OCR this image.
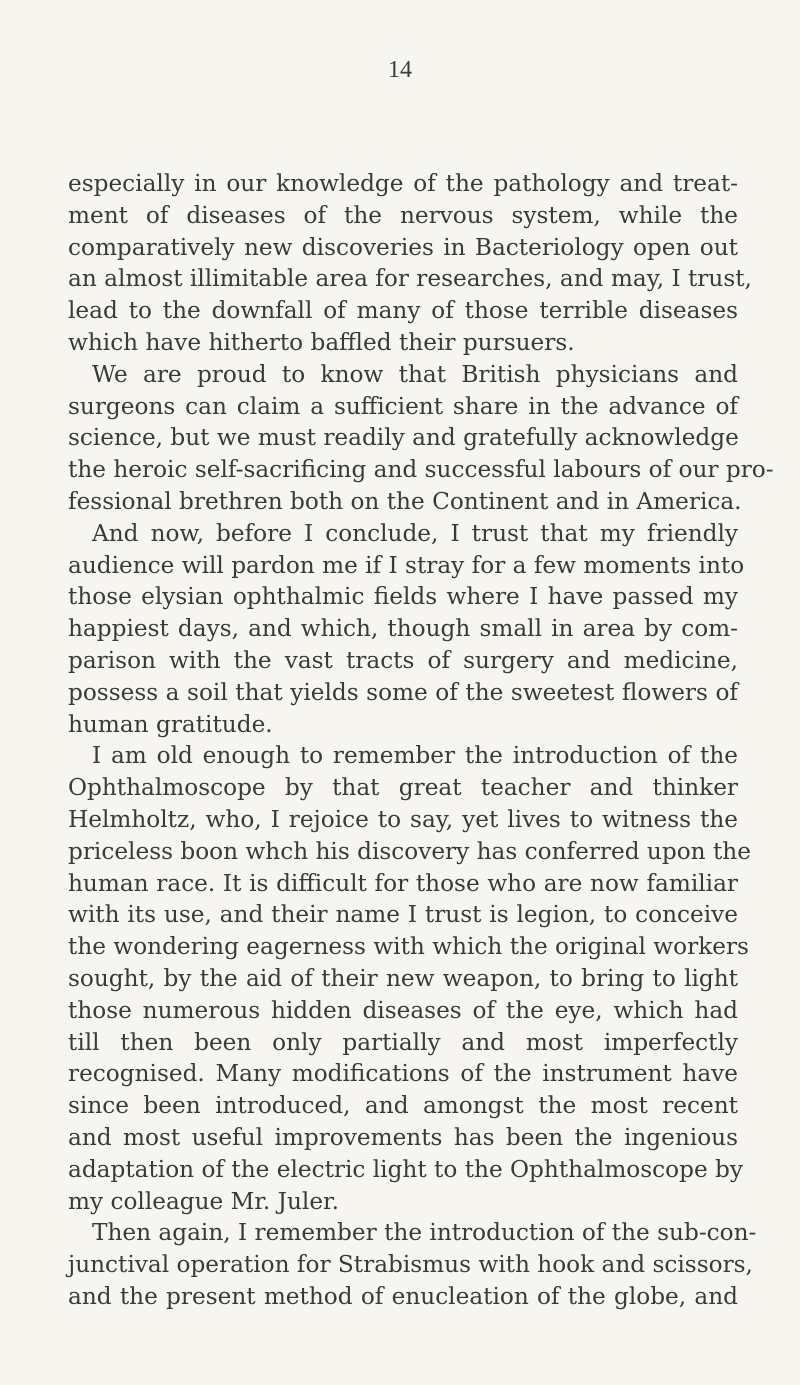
14
especially in our knowledge of the pathology and treat-
ment of diseases of the nervous system, while the
comparatively new discoveries in Bacteriology open out
an almost illimitable area for researches, and may, I trust,
lead to the downfall of many of those terrible diseases
which have hitherto baffled their pursuers.
We are proud to know that British physicians and
surgeons can claim a sufficient share in the advance of
science, but we must readily and gratefully acknowledge
the heroic self-sacrificing and successful labours of our pro-
fessional brethren both on the Continent and in America.
And now, before I conclude, I trust that my friendly
audience will pardon me if I stray for a few moments into
those elysian ophthalmic fields where I have passed my
happiest days, and which, though small in area by com-
parison with the vast tracts of surgery and medicine,
possess a soil that yields some of the sweetest flowers of
human gratitude.
I am old enough to remember the introduction of the
Ophthalmoscope by that great teacher and thinker
Helmholtz, who, I rejoice to say, yet lives to witness the
priceless boon whch his discovery has conferred upon the
human race. It is difficult for those who are now familiar
with its use, and their name I trust is legion, to conceive
the wondering eagerness with which the original workers
sought, by the aid of their new weapon, to bring to light
those numerous hidden diseases of the eye, which had
till then been only partially and most imperfectly
recognised. Many modifications of the instrument have
since been introduced, and amongst the most recent
and most useful improvements has been the ingenious
adaptation of the electric light to the Ophthalmoscope by
my colleague Mr. Juler.
Then again, I remember the introduction of the sub-con-
junctival operation for Strabismus with hook and scissors,
and the present method of enucleation of the globe, and
